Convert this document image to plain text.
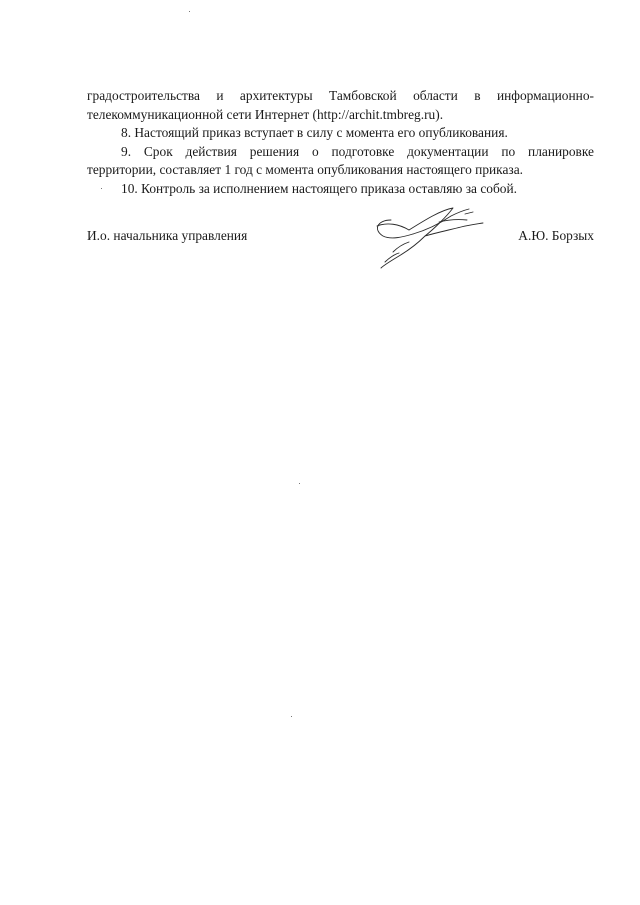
градостроительства и архитектуры Тамбовской области в информационно-

телекоммуникационной сети Интернет (http://archit.tmbreg.ru).

8. Настоящий приказ вступает в силу с момента его опубликования.

9. Срок действия решения о подготовке документации по планировке

территории, составляет 1 год с момента опубликования настоящего приказа.

10. Контроль за исполнением настоящего приказа оставляю за собой.

И.о. начальника управления	А.Ю. Борзых
